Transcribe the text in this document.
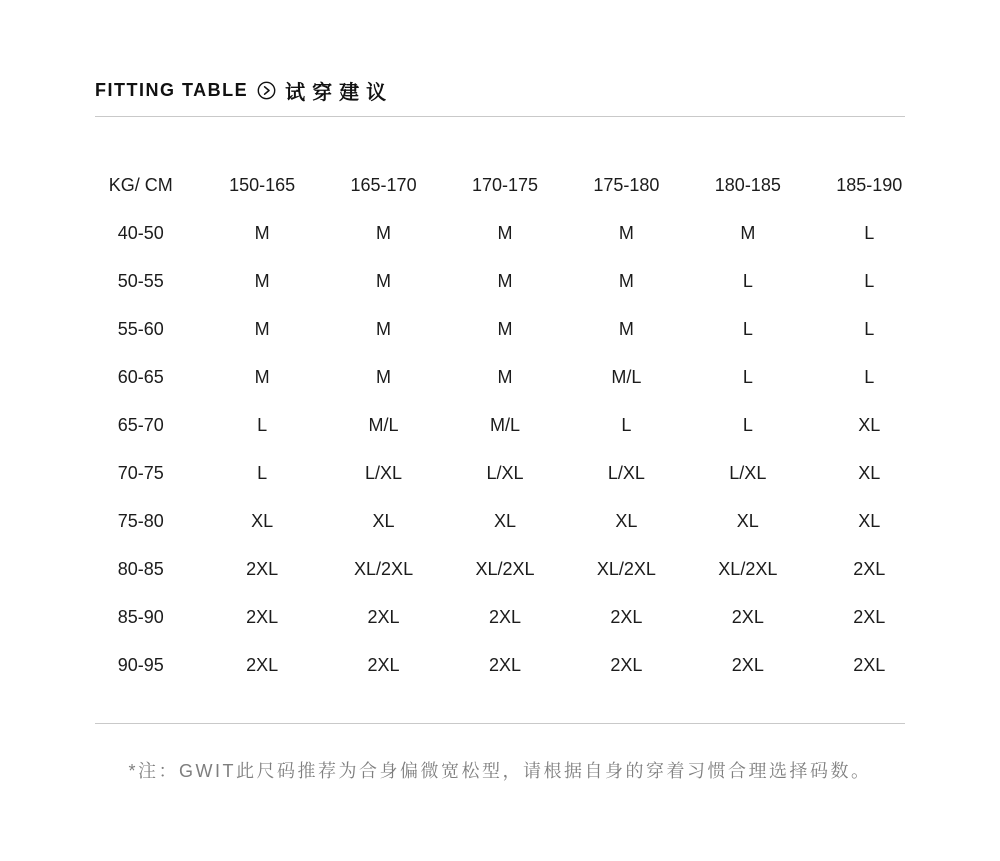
FITTING TABLE 试穿建议
KG/ CM	150-165	165-170	170-175	175-180	180-185	185-190
40-50	M	M	M	M	M	L
50-55	M	M	M	M	L	L
55-60	M	M	M	M	L	L
60-65	M	M	M	M/L	L	L
65-70	L	M/L	M/L	L	L	XL
70-75	L	L/XL	L/XL	L/XL	L/XL	XL
75-80	XL	XL	XL	XL	XL	XL
80-85	2XL	XL/2XL	XL/2XL	XL/2XL	XL/2XL	2XL
85-90	2XL	2XL	2XL	2XL	2XL	2XL
90-95	2XL	2XL	2XL	2XL	2XL	2XL

*注：GWIT此尺码推荐为合身偏微宽松型，请根据自身的穿着习惯合理选择码数。
